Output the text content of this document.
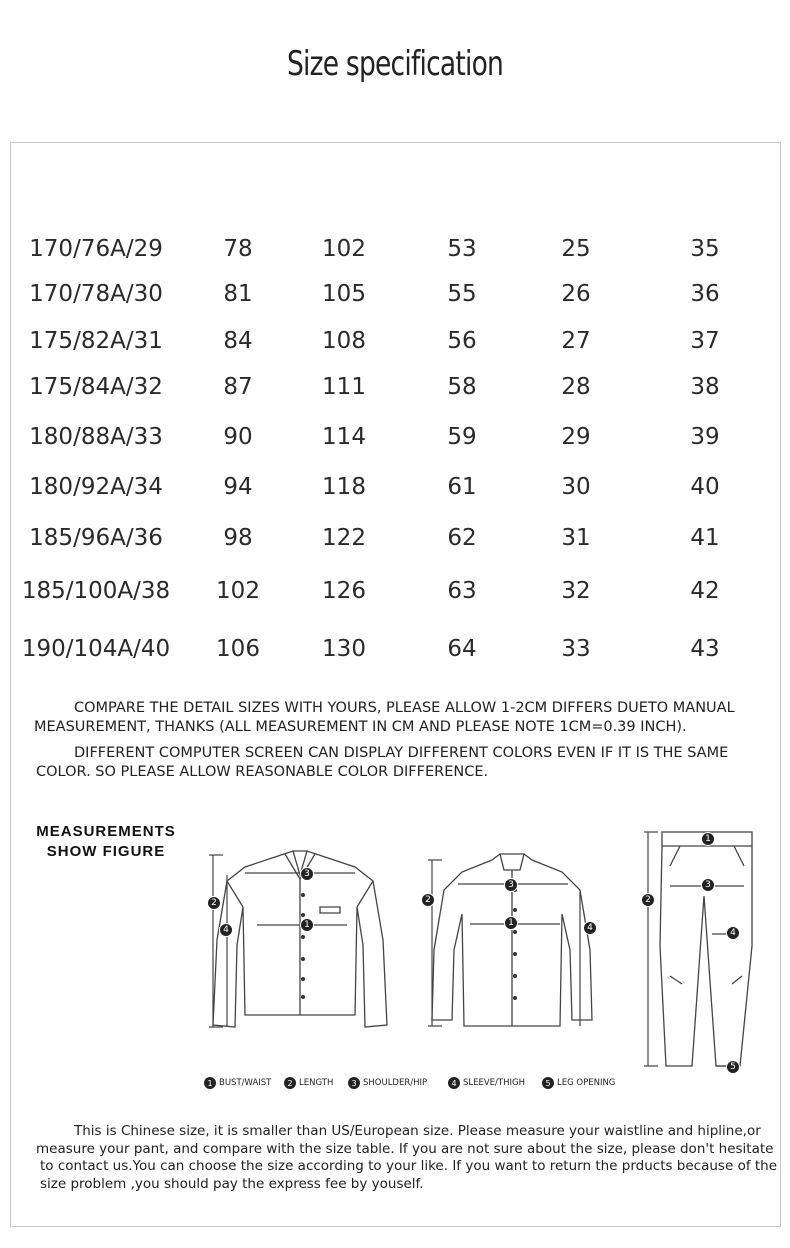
Size specification
170/76A/29	78	102	53	25	35
170/78A/30	81	105	55	26	36
175/82A/31	84	108	56	27	37
175/84A/32	87	111	58	28	38
180/88A/33	90	114	59	29	39
180/92A/34	94	118	61	30	40
185/96A/36	98	122	62	31	41
185/100A/38 102	126	63	32	42
190/104A/40 106	130	64	33	43
COMPARE THE DETAIL SIZES WITH YOURS, PLEASE ALLOW 1-2CM DIFFERS DUETO MANUAL
MEASUREMENT, THANKS (ALL MEASUREMENT IN CM AND PLEASE NOTE 1CM=0.39 INCH).
DIFFERENT COMPUTER SCREEN CAN DISPLAY DIFFERENT COLORS EVEN IF IT IS THE SAME
COLOR. SO PLEASE ALLOW REASONABLE COLOR DIFFERENCE.
MEASUREMENTS
SHOW FIGURE
3
2
1
4
3
2
1	4
1
3
2
4
5
1 BUST/WAIST	2 LENGTH	3 SHOULDER/HIP	4 SLEEVE/THIGH	5 LEG OPENING
This is Chinese size, it is smaller than US/European size. Please measure your waistline and hipline,or
measure your pant, and compare with the size table. If you are not sure about the size, please don't hesitate
to contact us.You can choose the size according to your like. If you want to return the prducts because of the
size problem ,you should pay the express fee by youself.
